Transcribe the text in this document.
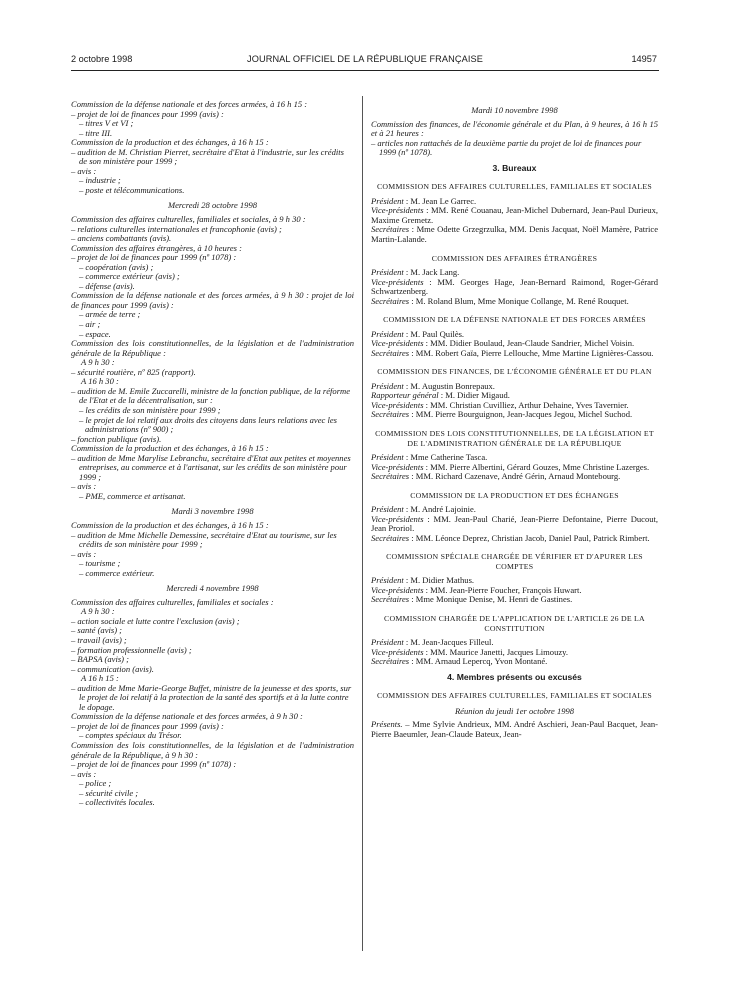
2 octobre 1998	JOURNAL OFFICIEL DE LA RÉPUBLIQUE FRANÇAISE	14957

Commission de la défense nationale et des forces armées, à 16 h 15 :

– projet de loi de finances pour 1999 (avis) :

– titres V et VI ;

– titre III.

Commission de la production et des échanges, à 16 h 15 :

– audition de M. Christian Pierret, secrétaire d'Etat à l'industrie, sur les crédits de son ministère pour 1999 ;

– avis :

– industrie ;

– poste et télécommunications.

Mercredi 28 octobre 1998

Commission des affaires culturelles, familiales et sociales, à 9 h 30 :

– relations culturelles internationales et francophonie (avis) ;

– anciens combattants (avis).

Commission des affaires étrangères, à 10 heures :

– projet de loi de finances pour 1999 (nº 1078) :

– coopération (avis) ;

– commerce extérieur (avis) ;

– défense (avis).

Commission de la défense nationale et des forces armées, à 9 h 30 : projet de loi de finances pour 1999 (avis) :

– armée de terre ;

– air ;

– espace.

Commission des lois constitutionnelles, de la législation et de l'administration générale de la République :

A 9 h 30 :

– sécurité routière, nº 825 (rapport).

A 16 h 30 :

– audition de M. Emile Zuccarelli, ministre de la fonction publique, de la réforme de l'Etat et de la décentralisation, sur :

– les crédits de son ministère pour 1999 ;

– le projet de loi relatif aux droits des citoyens dans leurs relations avec les administrations (nº 900) ;

– fonction publique (avis).

Commission de la production et des échanges, à 16 h 15 :

– audition de Mme Marylise Lebranchu, secrétaire d'Etat aux petites et moyennes entreprises, au commerce et à l'artisanat, sur les crédits de son ministère pour 1999 ;

– avis :

– PME, commerce et artisanat.

Mardi 3 novembre 1998

Commission de la production et des échanges, à 16 h 15 :

– audition de Mme Michelle Demessine, secrétaire d'Etat au tourisme, sur les crédits de son ministère pour 1999 ;

– avis :

– tourisme ;

– commerce extérieur.

Mercredi 4 novembre 1998

Commission des affaires culturelles, familiales et sociales :

A 9 h 30 :

– action sociale et lutte contre l'exclusion (avis) ;

– santé (avis) ;

– travail (avis) ;

– formation professionnelle (avis) ;

– BAPSA (avis) ;

– communication (avis).

A 16 h 15 :

– audition de Mme Marie-George Buffet, ministre de la jeunesse et des sports, sur le projet de loi relatif à la protection de la santé des sportifs et à la lutte contre le dopage.

Commission de la défense nationale et des forces armées, à 9 h 30 :

– projet de loi de finances pour 1999 (avis) :

– comptes spéciaux du Trésor.

Commission des lois constitutionnelles, de la législation et de l'administration générale de la République, à 9 h 30 :

– projet de loi de finances pour 1999 (nº 1078) :

– avis :

– police ;

– sécurité civile ;

– collectivités locales.

Mardi 10 novembre 1998

Commission des finances, de l'économie générale et du Plan, à 9 heures, à 16 h 15 et à 21 heures :

– articles non rattachés de la deuxième partie du projet de loi de finances pour 1999 (nº 1078).

3. Bureaux

COMMISSION DES AFFAIRES CULTURELLES, FAMILIALES ET SOCIALES

Président : M. Jean Le Garrec.

Vice-présidents : MM. René Couanau, Jean-Michel Dubernard, Jean-Paul Durieux, Maxime Gremetz.

Secrétaires : Mme Odette Grzegrzulka, MM. Denis Jacquat, Noël Mamère, Patrice Martin-Lalande.

COMMISSION DES AFFAIRES ÉTRANGÈRES

Président : M. Jack Lang.

Vice-présidents : MM. Georges Hage, Jean-Bernard Raimond, Roger-Gérard Schwartzenberg.

Secrétaires : M. Roland Blum, Mme Monique Collange, M. René Rouquet.

COMMISSION DE LA DÉFENSE NATIONALE ET DES FORCES ARMÉES

Président : M. Paul Quilès.

Vice-présidents : MM. Didier Boulaud, Jean-Claude Sandrier, Michel Voisin.

Secrétaires : MM. Robert Gaïa, Pierre Lellouche, Mme Martine Lignières-Cassou.

COMMISSION DES FINANCES, DE L'ÉCONOMIE GÉNÉRALE ET DU PLAN

Président : M. Augustin Bonrepaux.

Rapporteur général : M. Didier Migaud.

Vice-présidents : MM. Christian Cuvilliez, Arthur Dehaine, Yves Tavernier.

Secrétaires : MM. Pierre Bourguignon, Jean-Jacques Jegou, Michel Suchod.

COMMISSION DES LOIS CONSTITUTIONNELLES, DE LA LÉGISLATION ET DE L'ADMINISTRATION GÉNÉRALE DE LA RÉPUBLIQUE

Président : Mme Catherine Tasca.

Vice-présidents : MM. Pierre Albertini, Gérard Gouzes, Mme Christine Lazerges.

Secrétaires : MM. Richard Cazenave, André Gérin, Arnaud Montebourg.

COMMISSION DE LA PRODUCTION ET DES ÉCHANGES

Président : M. André Lajoinie.

Vice-présidents : MM. Jean-Paul Charié, Jean-Pierre Defontaine, Pierre Ducout, Jean Proriol.

Secrétaires : MM. Léonce Deprez, Christian Jacob, Daniel Paul, Patrick Rimbert.

COMMISSION SPÉCIALE CHARGÉE DE VÉRIFIER ET D'APURER LES COMPTES

Président : M. Didier Mathus.

Vice-présidents : MM. Jean-Pierre Foucher, François Huwart.

Secrétaires : Mme Monique Denise, M. Henri de Gastines.

COMMISSION CHARGÉE DE L'APPLICATION DE L'ARTICLE 26 DE LA CONSTITUTION

Président : M. Jean-Jacques Filleul.

Vice-présidents : MM. Maurice Janetti, Jacques Limouzy.

Secrétaires : MM. Arnaud Lepercq, Yvon Montané.

4. Membres présents ou excusés

COMMISSION DES AFFAIRES CULTURELLES, FAMILIALES ET SOCIALES

Réunion du jeudi 1er octobre 1998

Présents. – Mme Sylvie Andrieux, MM. André Aschieri, Jean-Paul Bacquet, Jean-Pierre Baeumler, Jean-Claude Bateux, Jean-
